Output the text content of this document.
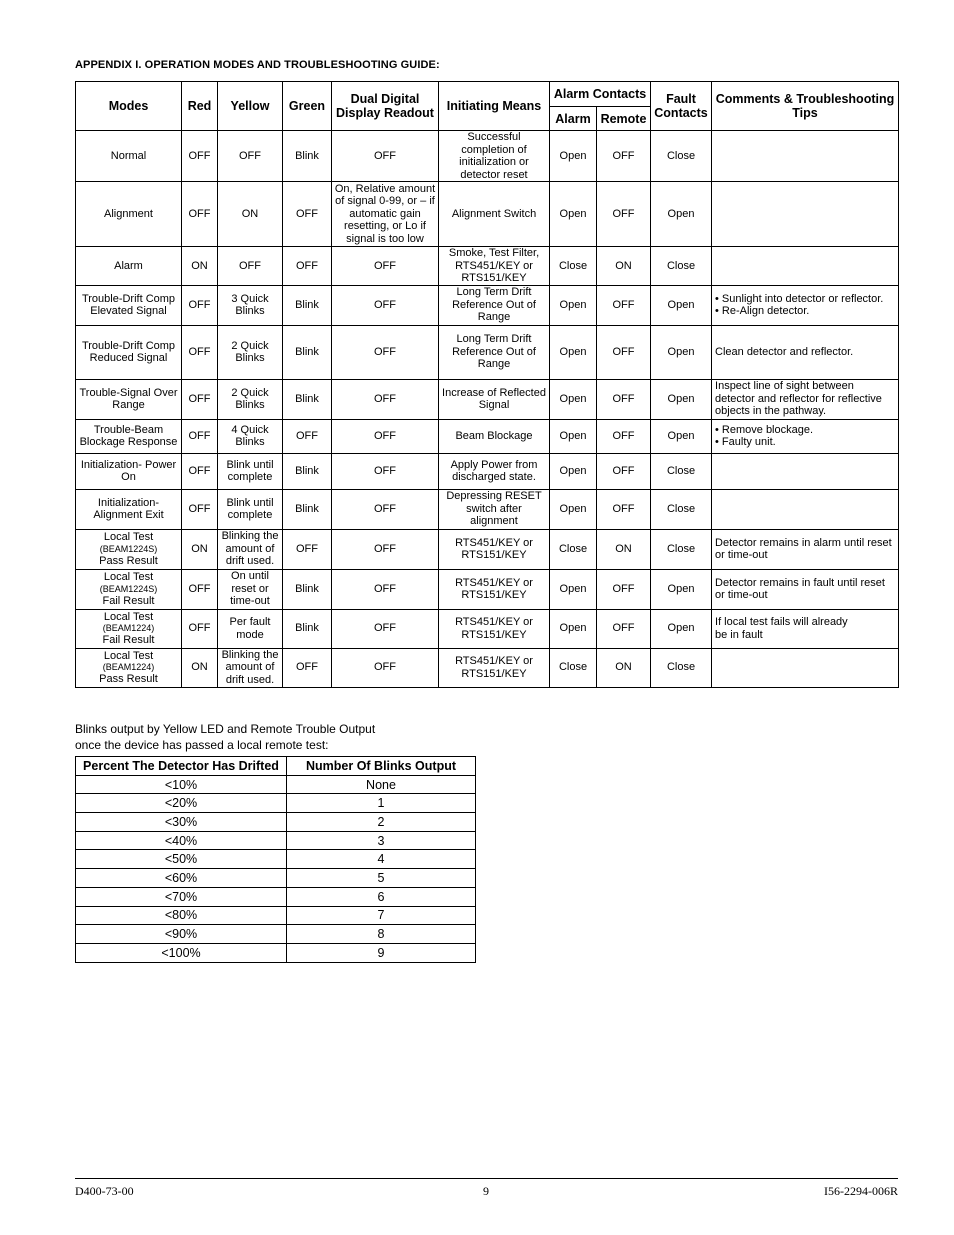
APPENDIX I. OPERATION MODES AND TROUBLESHOOTING GUIDE:
Modes	Red	Yellow	Green	Dual Digital Display Readout	Initiating Means	Alarm Contacts		Fault Contacts	Comments & Troubleshooting Tips
						Alarm	Remote		

Normal	OFF	OFF	Blink	OFF	Successful completion of initialization or detector reset	Open	OFF	Close	

Alignment	OFF	ON	OFF	On, Relative amount of signal 0-99, or – if automatic gain resetting, or Lo if signal is too low	Alignment Switch	Open	OFF	Open	

Alarm	ON	OFF	OFF	OFF	Smoke, Test Filter, RTS451/KEY or RTS151/KEY	Close	ON	Close	

Trouble-Drift Comp Elevated Signal	OFF	3 Quick Blinks	Blink	OFF	Long Term Drift Reference Out of Range	Open	OFF	Open	• Sunlight into detector or reflector.
• Re-Align detector.

Trouble-Drift Comp Reduced Signal	OFF	2 Quick Blinks	Blink	OFF	Long Term Drift Reference Out of Range	Open	OFF	Open	Clean detector and reflector.

Trouble-Signal Over Range	OFF	2 Quick Blinks	Blink	OFF	Increase of Reflected Signal	Open	OFF	Open	Inspect line of sight between detector and reflector for reflective objects in the pathway.

Trouble-Beam Blockage Response	OFF	4 Quick Blinks	OFF	OFF	Beam Blockage	Open	OFF	Open	• Remove blockage.
• Faulty unit.

Initialization- Power On	OFF	Blink until complete	Blink	OFF	Apply Power from discharged state.	Open	OFF	Close	

Initialization- Alignment Exit	OFF	Blink until complete	Blink	OFF	Depressing RESET switch after alignment	Open	OFF	Close	

Local Test
(BEAM1224S)
Pass Result	ON	Blinking the amount of drift used.	OFF	OFF	RTS451/KEY or RTS151/KEY	Close	ON	Close	Detector remains in alarm until reset or time-out

Local Test
(BEAM1224S)
Fail Result	OFF	On until reset or time-out	Blink	OFF	RTS451/KEY or RTS151/KEY	Open	OFF	Open	Detector remains in fault until reset or time-out

Local Test
(BEAM1224)
Fail Result	OFF	Per fault mode	Blink	OFF	RTS451/KEY or RTS151/KEY	Open	OFF	Open	If local test fails will already
be in fault

Local Test
(BEAM1224)
Pass Result	ON	Blinking the amount of drift used.	OFF	OFF	RTS451/KEY or RTS151/KEY	Close	ON	Close	
Blinks output by Yellow LED and Remote Trouble Output
once the device has passed a local remote test:
Percent The Detector Has Drifted	Number Of Blinks Output
<10%	None
<20%	1
<30%	2
<40%	3
<50%	4
<60%	5
<70%	6
<80%	7
<90%	8
<100%	9
D400-73-00	9	I56-2294-006R
